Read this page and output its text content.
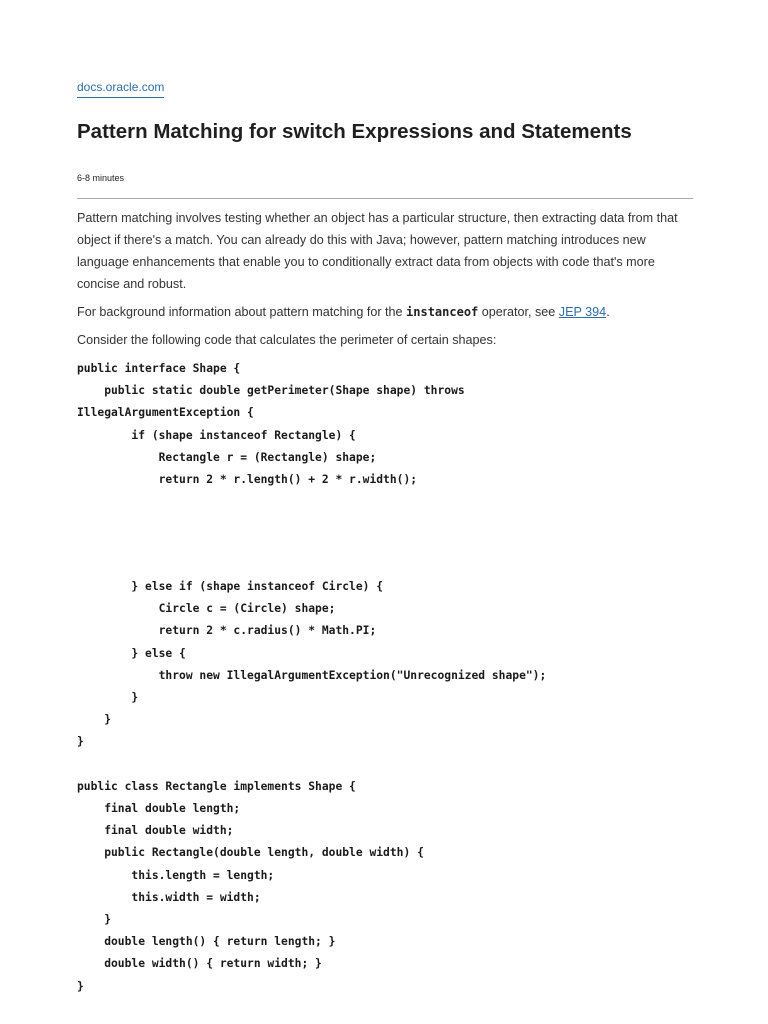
docs.oracle.com
Pattern Matching for switch Expressions and Statements
6-8 minutes

Pattern matching involves testing whether an object has a particular structure, then extracting data from that object if there's a match. You can already do this with Java; however, pattern matching introduces new language enhancements that enable you to conditionally extract data from objects with code that's more concise and robust.

For background information about pattern matching for the instanceof operator, see JEP 394.

Consider the following code that calculates the perimeter of certain shapes:

public interface Shape {
public static double getPerimeter(Shape shape) throws
IllegalArgumentException {
if (shape instanceof Rectangle) {
Rectangle r = (Rectangle) shape;
return 2 * r.length() + 2 * r.width();
} else if (shape instanceof Circle) {
Circle c = (Circle) shape;
return 2 * c.radius() * Math.PI;
} else {
throw new IllegalArgumentException("Unrecognized shape");
}
}
}

public class Rectangle implements Shape {
final double length;
final double width;
public Rectangle(double length, double width) {
this.length = length;
this.width = width;
}
double length() { return length; }
double width() { return width; }
}
